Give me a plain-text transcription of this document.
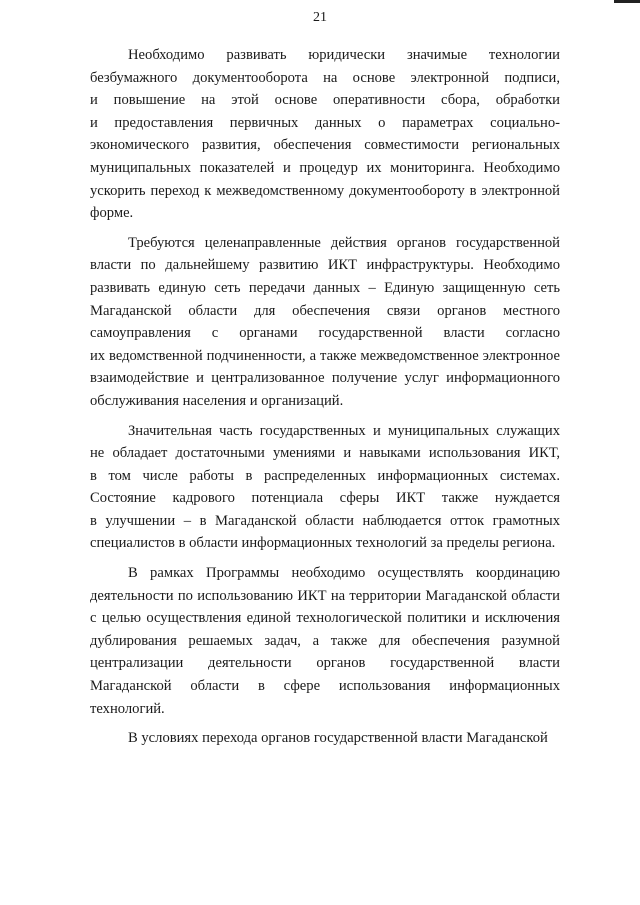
21
Необходимо развивать юридически значимые технологии
безбумажного документооборота на основе электронной подписи,
и повышение на этой основе оперативности сбора, обработки
и предоставления первичных данных о параметрах социально-
экономического развития, обеспечения совместимости региональных
муниципальных показателей и процедур их мониторинга. Необходимо
ускорить переход к межведомственному документообороту в электронной
форме.
Требуются целенаправленные действия органов государственной
власти по дальнейшему развитию ИКТ инфраструктуры. Необходимо
развивать единую сеть передачи данных – Единую защищенную сеть
Магаданской области для обеспечения связи органов местного
самоуправления с органами государственной власти согласно
их ведомственной подчиненности, а также межведомственное электронное
взаимодействие и централизованное получение услуг информационного
обслуживания населения и организаций.
Значительная часть государственных и муниципальных служащих
не обладает достаточными умениями и навыками использования ИКТ,
в том числе работы в распределенных информационных системах.
Состояние кадрового потенциала сферы ИКТ также нуждается
в улучшении – в Магаданской области наблюдается отток грамотных
специалистов в области информационных технологий за пределы региона.
В рамках Программы необходимо осуществлять координацию
деятельности по использованию ИКТ на территории Магаданской области
с целью осуществления единой технологической политики и исключения
дублирования решаемых задач, а также для обеспечения разумной
централизации деятельности органов государственной власти
Магаданской области в сфере использования информационных
технологий.
В условиях перехода органов государственной власти Магаданской
